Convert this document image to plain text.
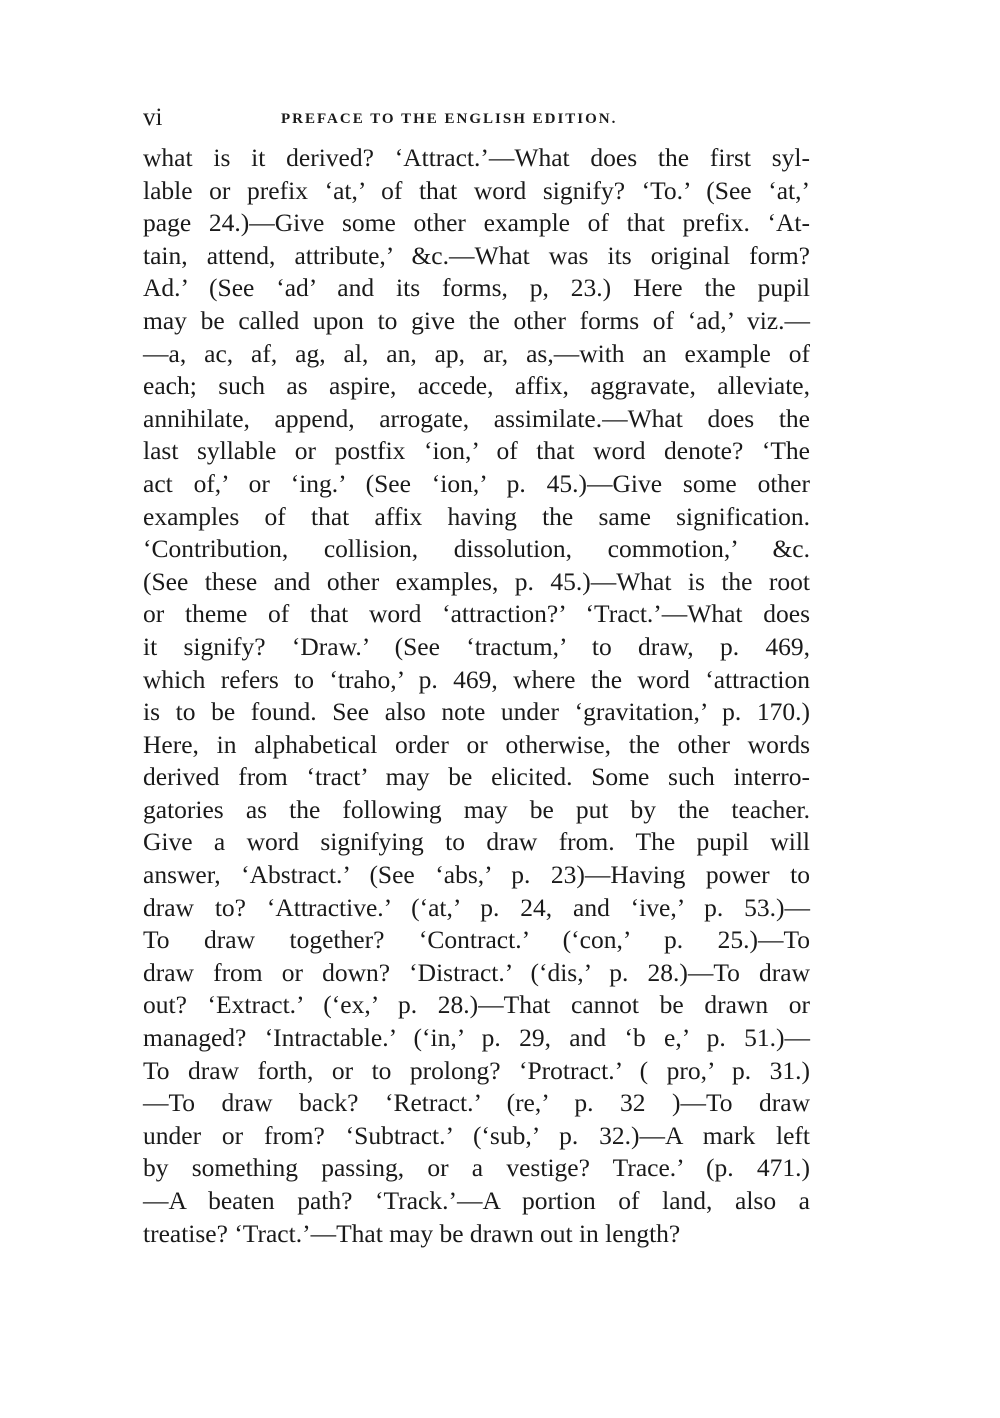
vi	PREFACE TO THE ENGLISH EDITION.
what is it derived? ‘Attract.’—What does the first syl-
lable or prefix ‘at,’ of that word signify? ‘To.’ (See ‘at,’
page 24.)—Give some other example of that prefix. ‘At-
tain, attend, attribute,’ &c.—What was its original form?
Ad.’ (See ‘ad’ and its forms, p, 23.) Here the pupil
may be called upon to give the other forms of ‘ad,’ viz.—
—a, ac, af, ag, al, an, ap, ar, as,—with an example of
each; such as aspire, accede, affix, aggravate, alleviate,
annihilate, append, arrogate, assimilate.—What does the
last syllable or postfix ‘ion,’ of that word denote? ‘The
act of,’ or ‘ing.’ (See ‘ion,’ p. 45.)—Give some other
examples of that affix having the same signification.
‘Contribution, collision, dissolution, commotion,’ &c.
(See these and other examples, p. 45.)—What is the root
or theme of that word ‘attraction?’ ‘Tract.’—What does
it signify? ‘Draw.’ (See ‘tractum,’ to draw, p. 469,
which refers to ‘traho,’ p. 469, where the word ‘attraction
is to be found. See also note under ‘gravitation,’ p. 170.)
Here, in alphabetical order or otherwise, the other words
derived from ‘tract’ may be elicited. Some such interro-
gatories as the following may be put by the teacher.
Give a word signifying to draw from. The pupil will
answer, ‘Abstract.’ (See ‘abs,’ p. 23)—Having power to
draw to? ‘Attractive.’ (‘at,’ p. 24, and ‘ive,’ p. 53.)—
To draw together? ‘Contract.’ (‘con,’ p. 25.)—To
draw from or down? ‘Distract.’ (‘dis,’ p. 28.)—To draw
out? ‘Extract.’ (‘ex,’ p. 28.)—That cannot be drawn or
managed? ‘Intractable.’ (‘in,’ p. 29, and ‘b e,’ p. 51.)—
To draw forth, or to prolong? ‘Protract.’ ( pro,’ p. 31.)
—To draw back? ‘Retract.’ (re,’ p. 32 )—To draw
under or from? ‘Subtract.’ (‘sub,’ p. 32.)—A mark left
by something passing, or a vestige? Trace.’ (p. 471.)
—A beaten path? ‘Track.’—A portion of land, also a
treatise? ‘Tract.’—That may be drawn out in length?
